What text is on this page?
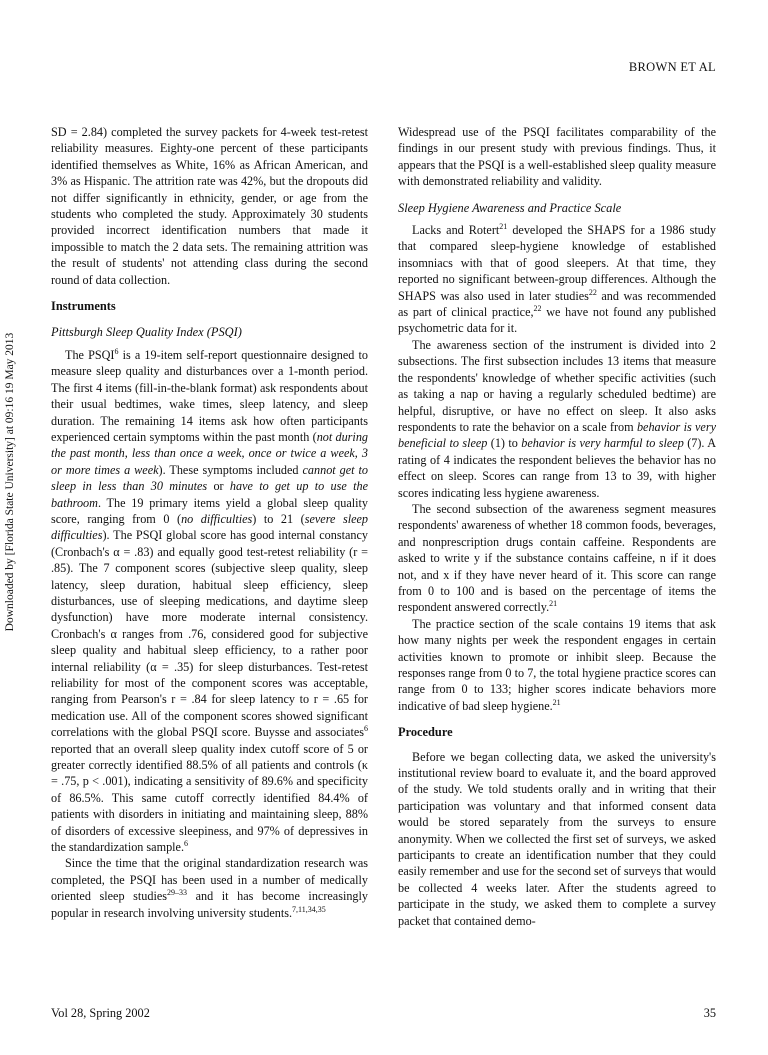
BROWN ET AL
Downloaded by [Florida State University] at 09:16 19 May 2013

SD = 2.84) completed the survey packets for 4-week test-retest reliability measures. Eighty-one percent of these participants identified themselves as White, 16% as African American, and 3% as Hispanic. The attrition rate was 42%, but the dropouts did not differ significantly in ethnicity, gender, or age from the students who completed the study. Approximately 30 students provided incorrect identification numbers that made it impossible to match the 2 data sets. The remaining attrition was the result of students' not attending class during the second round of data collection.

Instruments
Pittsburgh Sleep Quality Index (PSQI)

The PSQI$^6$ is a 19-item self-report questionnaire designed to measure sleep quality and disturbances over a 1-month period. The first 4 items (fill-in-the-blank format) ask respondents about their usual bedtimes, wake times, sleep latency, and sleep duration. The remaining 14 items ask how often participants experienced certain symptoms within the past month (not during the past month, less than once a week, once or twice a week, 3 or more times a week). These symptoms included cannot get to sleep in less than 30 minutes or have to get up to use the bathroom. The 19 primary items yield a global sleep quality score, ranging from 0 (no difficulties) to 21 (severe sleep difficulties). The PSQI global score has good internal constancy (Cronbach's α = .83) and equally good test-retest reliability (r = .85). The 7 component scores (subjective sleep quality, sleep latency, sleep duration, habitual sleep efficiency, sleep disturbances, use of sleeping medications, and daytime sleep dysfunction) have more moderate internal consistency. Cronbach's α ranges from .76, considered good for subjective sleep quality and habitual sleep efficiency, to a rather poor internal reliability (α = .35) for sleep disturbances. Test-retest reliability for most of the component scores was acceptable, ranging from Pearson's r = .84 for sleep latency to r = .65 for medication use. All of the component scores showed significant correlations with the global PSQI score. Buysse and associates$^6$ reported that an overall sleep quality index cutoff score of 5 or greater correctly identified 88.5% of all patients and controls (κ = .75, p < .001), indicating a sensitivity of 89.6% and specificity of 86.5%. This same cutoff correctly identified 84.4% of patients with disorders in initiating and maintaining sleep, 88% of disorders of excessive sleepiness, and 97% of depressives in the standardization sample.$^6$

Since the time that the original standardization research was completed, the PSQI has been used in a number of medically oriented sleep studies$^{29-33}$ and it has become increasingly popular in research involving university students.$^{7,11,34,35}$

Widespread use of the PSQI facilitates comparability of the findings in our present study with previous findings. Thus, it appears that the PSQI is a well-established sleep quality measure with demonstrated reliability and validity.

Sleep Hygiene Awareness and Practice Scale

Lacks and Rotert$^{21}$ developed the SHAPS for a 1986 study that compared sleep-hygiene knowledge of established insomniacs with that of good sleepers. At that time, they reported no significant between-group differences. Although the SHAPS was also used in later studies$^{22}$ and was recommended as part of clinical practice,$^{22}$ we have not found any published psychometric data for it.

The awareness section of the instrument is divided into 2 subsections. The first subsection includes 13 items that measure the respondents' knowledge of whether specific activities (such as taking a nap or having a regularly scheduled bedtime) are helpful, disruptive, or have no effect on sleep. It also asks respondents to rate the behavior on a scale from behavior is very beneficial to sleep (1) to behavior is very harmful to sleep (7). A rating of 4 indicates the respondent believes the behavior has no effect on sleep. Scores can range from 13 to 39, with higher scores indicating less hygiene awareness.

The second subsection of the awareness segment measures respondents' awareness of whether 18 common foods, beverages, and nonprescription drugs contain caffeine. Respondents are asked to write y if the substance contains caffeine, n if it does not, and x if they have never heard of it. This score can range from 0 to 100 and is based on the percentage of items the respondent answered correctly.$^{21}$

The practice section of the scale contains 19 items that ask how many nights per week the respondent engages in certain activities known to promote or inhibit sleep. Because the responses range from 0 to 7, the total hygiene practice scores can range from 0 to 133; higher scores indicate behaviors more indicative of bad sleep hygiene.$^{21}$

Procedure

Before we began collecting data, we asked the university's institutional review board to evaluate it, and the board approved of the study. We told students orally and in writing that their participation was voluntary and that informed consent data would be stored separately from the surveys to ensure anonymity. When we collected the first set of surveys, we asked participants to create an identification number that they could easily remember and use for the second set of surveys that would be collected 4 weeks later. After the students agreed to participate in the study, we asked them to complete a survey packet that contained demo-

Vol 28, Spring 2002	35
